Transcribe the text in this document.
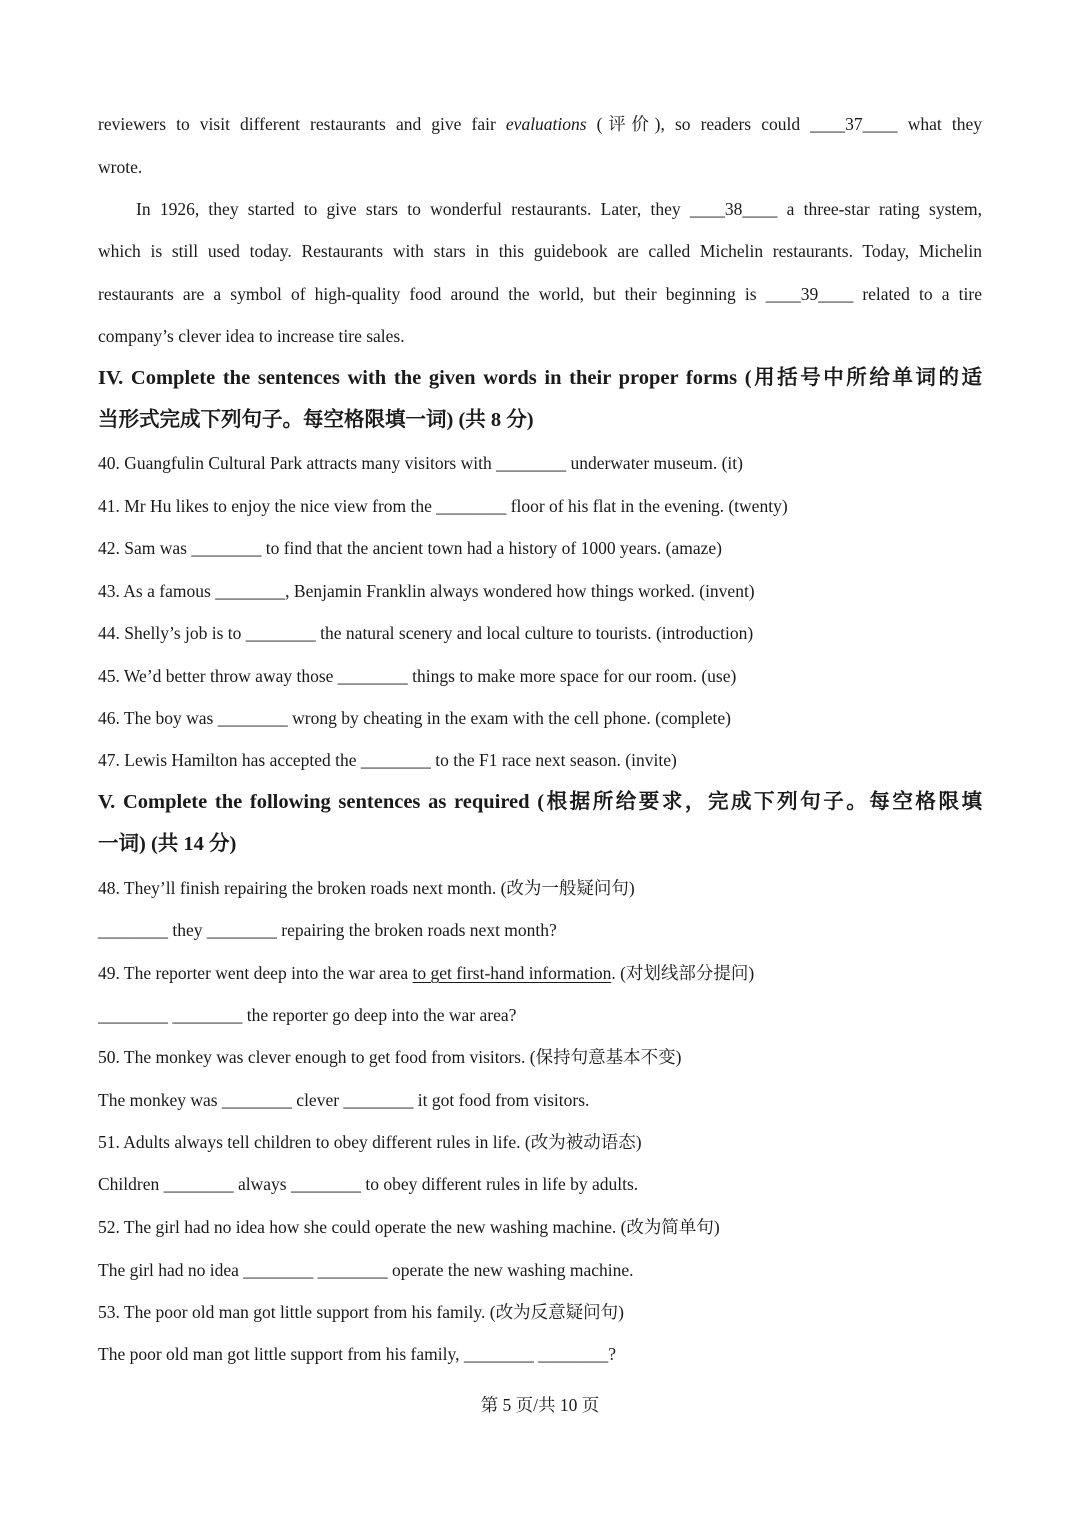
reviewers to visit different restaurants and give fair evaluations (评价), so readers could ____37____ what they
wrote.
In 1926, they started to give stars to wonderful restaurants. Later, they ____38____ a three-star rating system,
which is still used today. Restaurants with stars in this guidebook are called Michelin restaurants. Today, Michelin
restaurants are a symbol of high-quality food around the world, but their beginning is ____39____ related to a tire
company’s clever idea to increase tire sales.
IV. Complete the sentences with the given words in their proper forms (用括号中所给单词的适
当形式完成下列句子。每空格限填一词) (共 8 分)
40. Guangfulin Cultural Park attracts many visitors with ________ underwater museum. (it)
41. Mr Hu likes to enjoy the nice view from the ________ floor of his flat in the evening. (twenty)
42. Sam was ________ to find that the ancient town had a history of 1000 years. (amaze)
43. As a famous ________, Benjamin Franklin always wondered how things worked. (invent)
44. Shelly’s job is to ________ the natural scenery and local culture to tourists. (introduction)
45. We’d better throw away those ________ things to make more space for our room. (use)
46. The boy was ________ wrong by cheating in the exam with the cell phone. (complete)
47. Lewis Hamilton has accepted the ________ to the F1 race next season. (invite)
V. Complete the following sentences as required (根据所给要求，完成下列句子。每空格限填
一词) (共 14 分)
48. They’ll finish repairing the broken roads next month. (改为一般疑问句)
________ they ________ repairing the broken roads next month?
49. The reporter went deep into the war area to get first-hand information. (对划线部分提问)
________ ________ the reporter go deep into the war area?
50. The monkey was clever enough to get food from visitors. (保持句意基本不变)
The monkey was ________ clever ________ it got food from visitors.
51. Adults always tell children to obey different rules in life. (改为被动语态)
Children ________ always ________ to obey different rules in life by adults.
52. The girl had no idea how she could operate the new washing machine. (改为简单句)
The girl had no idea ________ ________ operate the new washing machine.
53. The poor old man got little support from his family. (改为反意疑问句)
The poor old man got little support from his family, ________ ________?
第 5 页/共 10 页
